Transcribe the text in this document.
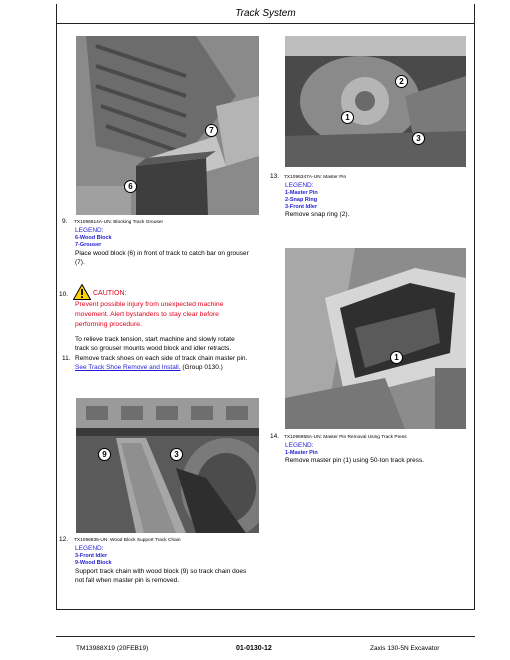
Track System
7
6
9. TX1096814A-UN: Blocking Track Grouser
LEGEND:
6-Wood Block
7-Grouser
Place wood block (6) in front of track to catch bar on grouser
(7).
10.	CAUTION:
Prevent possible injury from unexpected machine
movement. Alert bystanders to stay clear before
performing procedure.
To relieve track tension, start machine and slowly rotate
track so grouser mounts wood block and idler retracts.
11. Remove track shoes on each side of track chain master pin.
See Track Shoe Remove and Install. (Group 0130.)
9	3
12. TX1096835-UN: Wood Block Support Track Chain
LEGEND:
3-Front Idler
9-Wood Block
Support track chain with wood block (9) so track chain does
not fall when master pin is removed.
2
1
3
13. TX1096347A-UN: Master Pin
LEGEND:
1-Master Pin
2-Snap Ring
3-Front Idler
Remove snap ring (2).
1
14. TX1096958A-UN: Master Pin Removal Using Track Press
LEGEND:
1-Master Pin
Remove master pin (1) using 50-ton track press.
TM13988X19 (20FEB19)	01-0130-12	Zaxis 130-5N Excavator
